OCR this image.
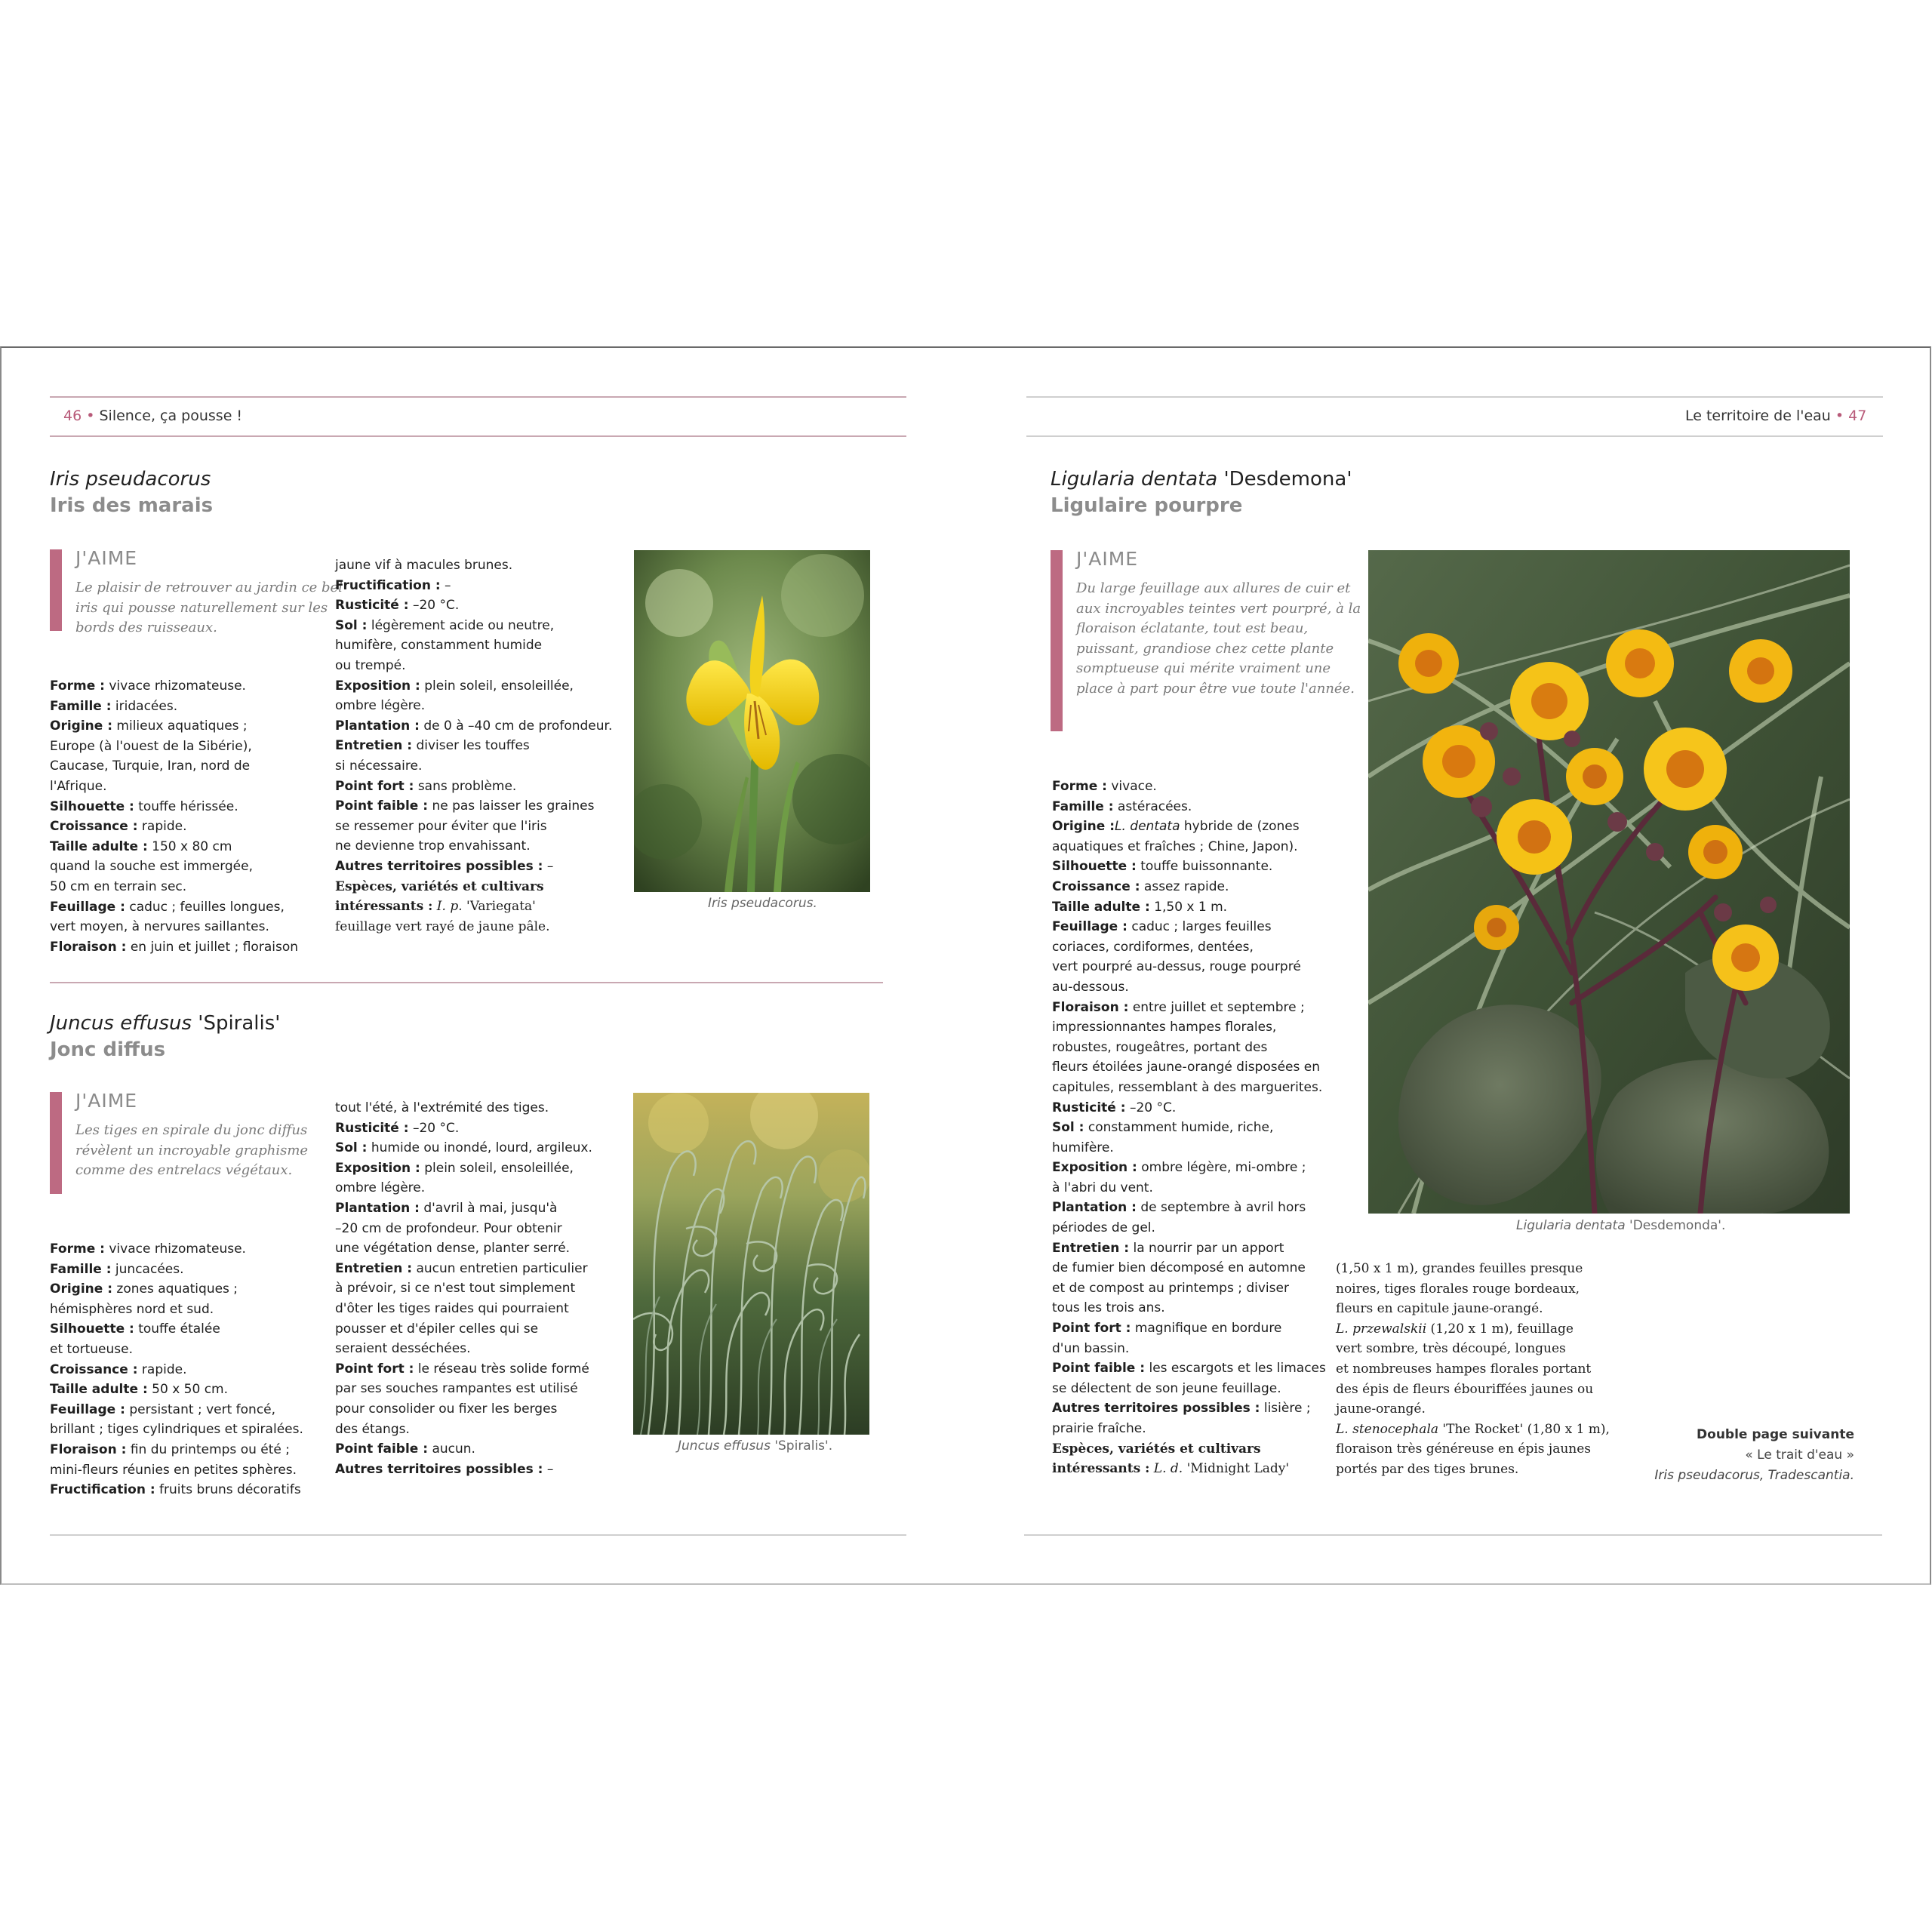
46 • Silence, ça pousse !	Le territoire de l'eau • 47
Iris pseudacorus
Iris des marais
J'AIME
Le plaisir de retrouver au jardin ce bel iris qui pousse naturellement sur les bords des ruisseaux.
Forme : vivace rhizomateuse.
Famille : iridacées.
Origine : milieux aquatiques ;
Europe (à l'ouest de la Sibérie),
Caucase, Turquie, Iran, nord de
l'Afrique.
Silhouette : touffe hérissée.
Croissance : rapide.
Taille adulte : 150 x 80 cm
quand la souche est immergée,
50 cm en terrain sec.
Feuillage : caduc ; feuilles longues,
vert moyen, à nervures saillantes.
Floraison : en juin et juillet ; floraison
jaune vif à macules brunes.
Fructification : –
Rusticité : –20 °C.
Sol : légèrement acide ou neutre,
humifère, constamment humide
ou trempé.
Exposition : plein soleil, ensoleillée,
ombre légère.
Plantation : de 0 à –40 cm de profondeur.
Entretien : diviser les touffes
si nécessaire.
Point fort : sans problème.
Point faible : ne pas laisser les graines
se ressemer pour éviter que l'iris
ne devienne trop envahissant.
Autres territoires possibles : –
Espèces, variétés et cultivars
intéressants : I. p. 'Variegata'
feuillage vert rayé de jaune pâle.
Iris pseudacorus.
Juncus effusus 'Spiralis'
Jonc diffus
J'AIME
Les tiges en spirale du jonc diffus révèlent un incroyable graphisme comme des entrelacs végétaux.
Forme : vivace rhizomateuse.
Famille : juncacées.
Origine : zones aquatiques ;
hémisphères nord et sud.
Silhouette : touffe étalée
et tortueuse.
Croissance : rapide.
Taille adulte : 50 x 50 cm.
Feuillage : persistant ; vert foncé,
brillant ; tiges cylindriques et spiralées.
Floraison : fin du printemps ou été ;
mini-fleurs réunies en petites sphères.
Fructification : fruits bruns décoratifs
tout l'été, à l'extrémité des tiges.
Rusticité : –20 °C.
Sol : humide ou inondé, lourd, argileux.
Exposition : plein soleil, ensoleillée,
ombre légère.
Plantation : d'avril à mai, jusqu'à
–20 cm de profondeur. Pour obtenir
une végétation dense, planter serré.
Entretien : aucun entretien particulier
à prévoir, si ce n'est tout simplement
d'ôter les tiges raides qui pourraient
pousser et d'épiler celles qui se
seraient desséchées.
Point fort : le réseau très solide formé
par ses souches rampantes est utilisé
pour consolider ou fixer les berges
des étangs.
Point faible : aucun.
Autres territoires possibles : –
Juncus effusus 'Spiralis'.
Ligularia dentata 'Desdemona'
Ligulaire pourpre
J'AIME
Du large feuillage aux allures de cuir et aux incroyables teintes vert pourpré, à la floraison éclatante, tout est beau, puissant, grandiose chez cette plante somptueuse qui mérite vraiment une place à part pour être vue toute l'année.
Forme : vivace.
Famille : astéracées.
Origine :L. dentata hybride de (zones
aquatiques et fraîches ; Chine, Japon).
Silhouette : touffe buissonnante.
Croissance : assez rapide.
Taille adulte : 1,50 x 1 m.
Feuillage : caduc ; larges feuilles
coriaces, cordiformes, dentées,
vert pourpré au-dessus, rouge pourpré
au-dessous.
Floraison : entre juillet et septembre ;
impressionnantes hampes florales,
robustes, rougeâtres, portant des
fleurs étoilées jaune-orangé disposées en
capitules, ressemblant à des marguerites.
Rusticité : –20 °C.
Sol : constamment humide, riche,
humifère.
Exposition : ombre légère, mi-ombre ;
à l'abri du vent.
Plantation : de septembre à avril hors
périodes de gel.
Entretien : la nourrir par un apport
de fumier bien décomposé en automne
et de compost au printemps ; diviser
tous les trois ans.
Point fort : magnifique en bordure
d'un bassin.
Point faible : les escargots et les limaces
se délectent de son jeune feuillage.
Autres territoires possibles : lisière ;
prairie fraîche.
Espèces, variétés et cultivars
intéressants : L. d. 'Midnight Lady'
(1,50 x 1 m), grandes feuilles presque
noires, tiges florales rouge bordeaux,
fleurs en capitule jaune-orangé.
L. przewalskii (1,20 x 1 m), feuillage
vert sombre, très découpé, longues
et nombreuses hampes florales portant
des épis de fleurs ébouriffées jaunes ou
jaune-orangé.
L. stenocephala 'The Rocket' (1,80 x 1 m),
floraison très généreuse en épis jaunes
portés par des tiges brunes.
Ligularia dentata 'Desdemonda'.
Double page suivante
« Le trait d'eau »
Iris pseudacorus, Tradescantia.
